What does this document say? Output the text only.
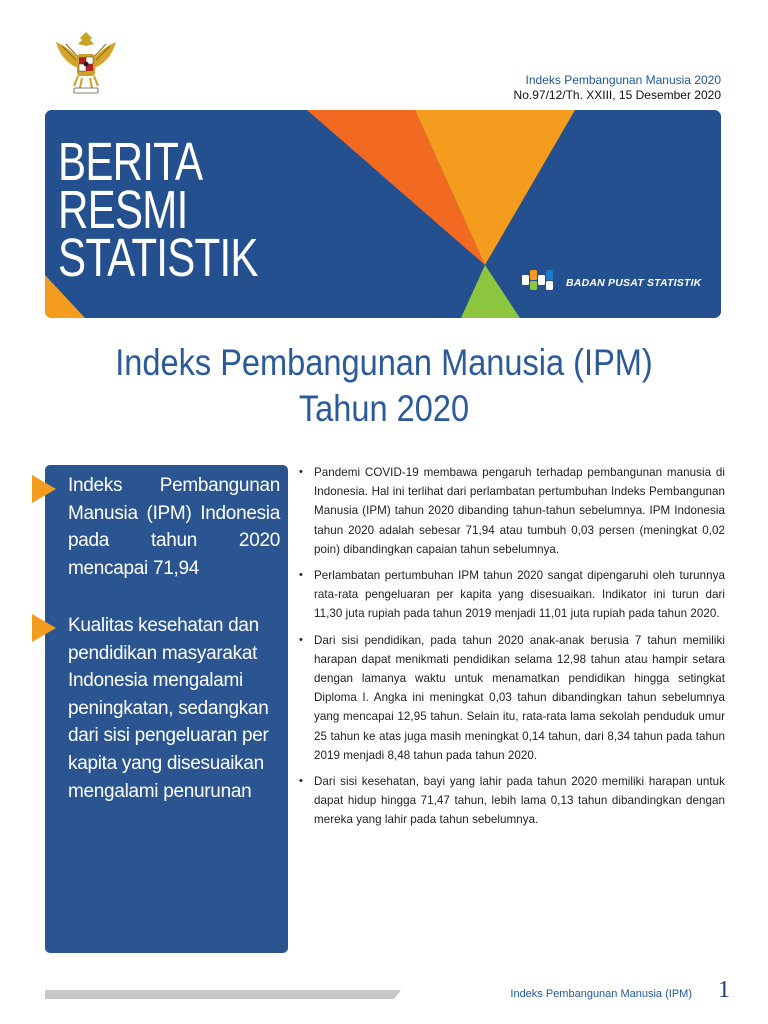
Indeks Pembangunan Manusia 2020
No.97/12/Th. XXIII, 15 Desember 2020
BERITA
RESMI
STATISTIK	BADAN PUSAT STATISTIK
Indeks Pembangunan Manusia (IPM)
Tahun 2020
Indeks Pembangunan Manusia (IPM) Indonesia pada tahun 2020 mencapai 71,94
Kualitas kesehatan dan pendidikan masyarakat Indonesia mengalami peningkatan, sedangkan dari sisi pengeluaran per kapita yang disesuaikan mengalami penurunan
• Pandemi COVID-19 membawa pengaruh terhadap pembangunan manusia di Indonesia. Hal ini terlihat dari perlambatan pertumbuhan Indeks Pembangunan Manusia (IPM) tahun 2020 dibanding tahun-tahun sebelumnya. IPM Indonesia tahun 2020 adalah sebesar 71,94 atau tumbuh 0,03 persen (meningkat 0,02 poin) dibandingkan capaian tahun sebelumnya.
• Perlambatan pertumbuhan IPM tahun 2020 sangat dipengaruhi oleh turunnya rata-rata pengeluaran per kapita yang disesuaikan. Indikator ini turun dari 11,30 juta rupiah pada tahun 2019 menjadi 11,01 juta rupiah pada tahun 2020.
• Dari sisi pendidikan, pada tahun 2020 anak-anak berusia 7 tahun memiliki harapan dapat menikmati pendidikan selama 12,98 tahun atau hampir setara dengan lamanya waktu untuk menamatkan pendidikan hingga setingkat Diploma I. Angka ini meningkat 0,03 tahun dibandingkan tahun sebelumnya yang mencapai 12,95 tahun. Selain itu, rata-rata lama sekolah penduduk umur 25 tahun ke atas juga masih meningkat 0,14 tahun, dari 8,34 tahun pada tahun 2019 menjadi 8,48 tahun pada tahun 2020.
• Dari sisi kesehatan, bayi yang lahir pada tahun 2020 memiliki harapan untuk dapat hidup hingga 71,47 tahun, lebih lama 0,13 tahun dibandingkan dengan mereka yang lahir pada tahun sebelumnya.
Indeks Pembangunan Manusia (IPM) 1
